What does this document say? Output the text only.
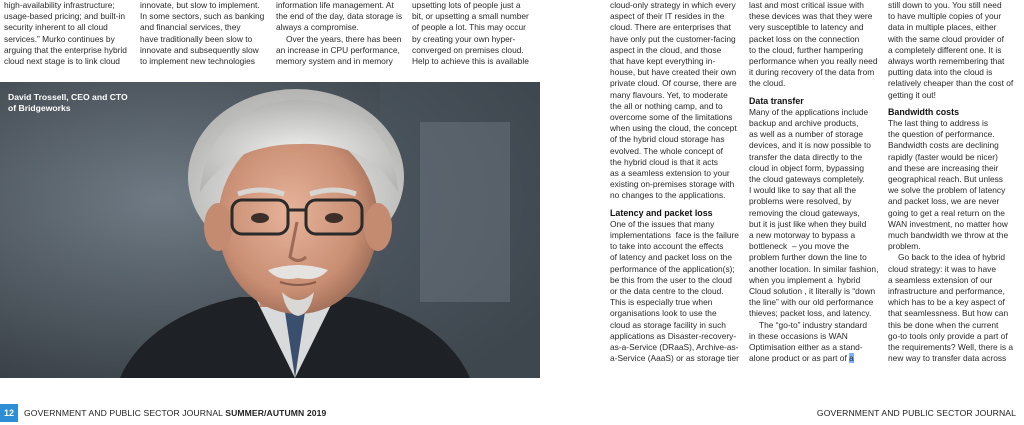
high-availability infrastructure;
usage-based pricing; and built-in
security inherent to all cloud
services.” Murko continues by
arguing that the enterprise hybrid
cloud next stage is to link cloud
innovate, but slow to implement.
In some sectors, such as banking
and financial services, they
have traditionally been slow to
innovate and subsequently slow
to implement new technologies
information life management. At
the end of the day, data storage is
always a compromise.
Over the years, there has been
an increase in CPU performance,
memory system and in memory
upsetting lots of people just a
bit, or upsetting a small number
of people a lot. This may occur
by creating your own hyper-
converged on premises cloud.
Help to achieve this is available
David Trossell, CEO and CTO
of Bridgeworks
12	GOVERNMENT AND PUBLIC SECTOR JOURNAL SUMMER/AUTUMN 2019
cloud-only strategy in which every
aspect of their IT resides in the
cloud. There are enterprises that
have only put the customer-facing
aspect in the cloud, and those
that have kept everything in-
house, but have created their own
private cloud. Of course, there are
many flavours. Yet, to moderate
the all or nothing camp, and to
overcome some of the limitations
when using the cloud, the concept
of the hybrid cloud storage has
evolved. The whole concept of
the hybrid cloud is that it acts
as a seamless extension to your
existing on-premises storage with
no changes to the applications.
Latency and packet loss
One of the issues that many
implementations  face is the failure
to take into account the effects
of latency and packet loss on the
performance of the application(s);
be this from the user to the cloud
or the data centre to the cloud.
This is especially true when
organisations look to use the
cloud as storage facility in such
applications as Disaster-recovery-
as-a-Service (DRaaS), Archive-as-
a-Service (AaaS) or as storage tier
last and most critical issue with
these devices was that they were
very susceptible to latency and
packet loss on the connection
to the cloud, further hampering
performance when you really need
it during recovery of the data from
the cloud.
Data transfer
Many of the applications include
backup and archive products,
as well as a number of storage
devices, and it is now possible to
transfer the data directly to the
cloud in object form, bypassing
the cloud gateways completely.
I would like to say that all the
problems were resolved, by
removing the cloud gateways,
but it is just like when they build
a new motorway to bypass a
bottleneck  – you move the
problem further down the line to
another location. In similar fashion,
when you implement a  hybrid
Cloud solution , it literally is “down
the line” with our old performance
thieves; packet loss, and latency.
The “go-to” industry standard
in these occasions is WAN
Optimisation either as a stand-
alone product or as part of a
still down to you. You still need
to have multiple copies of your
data in multiple places, either
with the same cloud provider of
a completely different one. It is
always worth remembering that
putting data into the cloud is
relatively cheaper than the cost of
getting it out!
Bandwidth costs
The last thing to address is
the question of performance.
Bandwidth costs are declining
rapidly (faster would be nicer)
and these are increasing their
geographical reach. But unless
we solve the problem of latency
and packet loss, we are never
going to get a real return on the
WAN investment, no matter how
much bandwidth we throw at the
problem.
Go back to the idea of hybrid
cloud strategy: it was to have
a seamless extension of our
infrastructure and performance,
which has to be a key aspect of
that seamlessness. But how can
this be done when the current
go-to tools only provide a part of
the requirements? Well, there is a
new way to transfer data across
GOVERNMENT AND PUBLIC SECTOR JOURNAL
